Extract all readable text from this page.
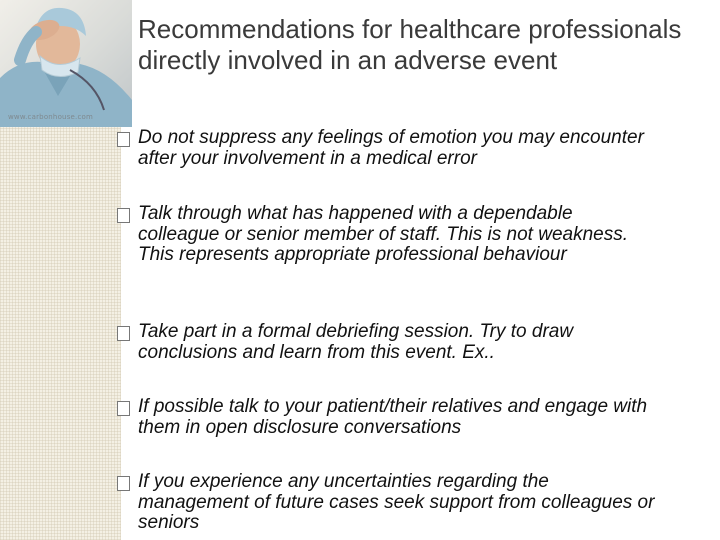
www.carbonhouse.com
Recommendations for healthcare professionals directly involved in an adverse event
Do not suppress any feelings of emotion you may encounter after your involvement in a medical error
Talk through what has happened with a dependable colleague or senior member of staff. This is not weakness. This represents appropriate professional behaviour
Take part in a formal debriefing session. Try to draw conclusions and learn from this event. Ex..
If possible talk to your patient/their relatives and engage with them in open disclosure conversations
If you experience any uncertainties regarding the management of future cases seek support from colleagues or seniors
